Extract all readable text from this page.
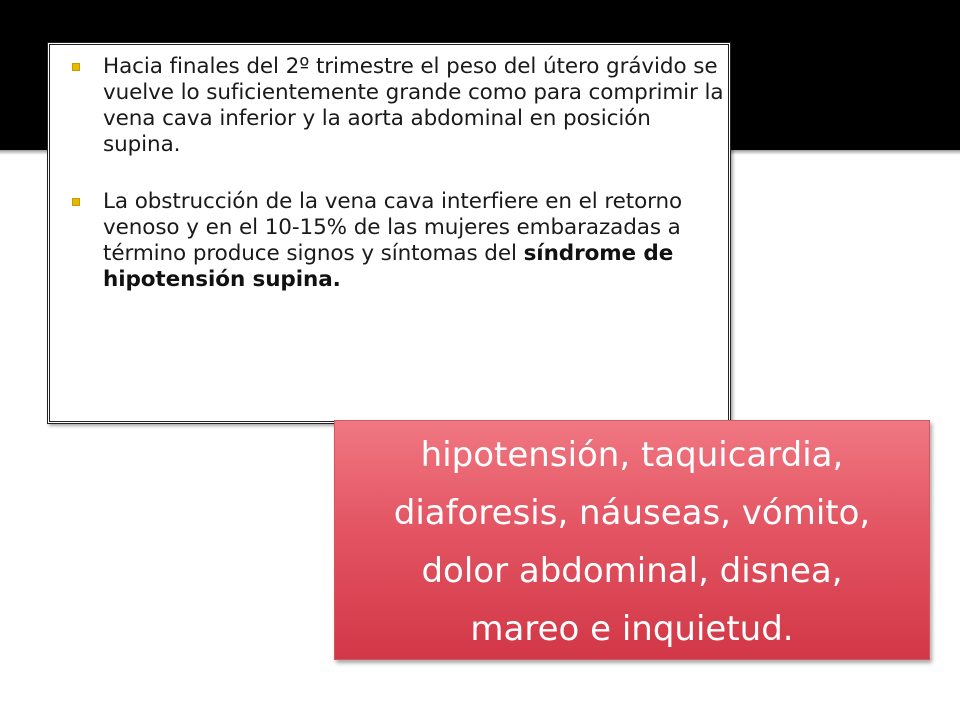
Hacia finales del 2º trimestre el peso del útero grávido se vuelve lo suficientemente grande como para comprimir la vena cava inferior y la aorta abdominal en posición supina.
La obstrucción de la vena cava interfiere en el retorno venoso y en el 10-15% de las mujeres embarazadas a término produce signos y síntomas del síndrome de hipotensión supina.

hipotensión, taquicardia,
diaforesis, náuseas, vómito,
dolor abdominal, disnea,
mareo e inquietud.
